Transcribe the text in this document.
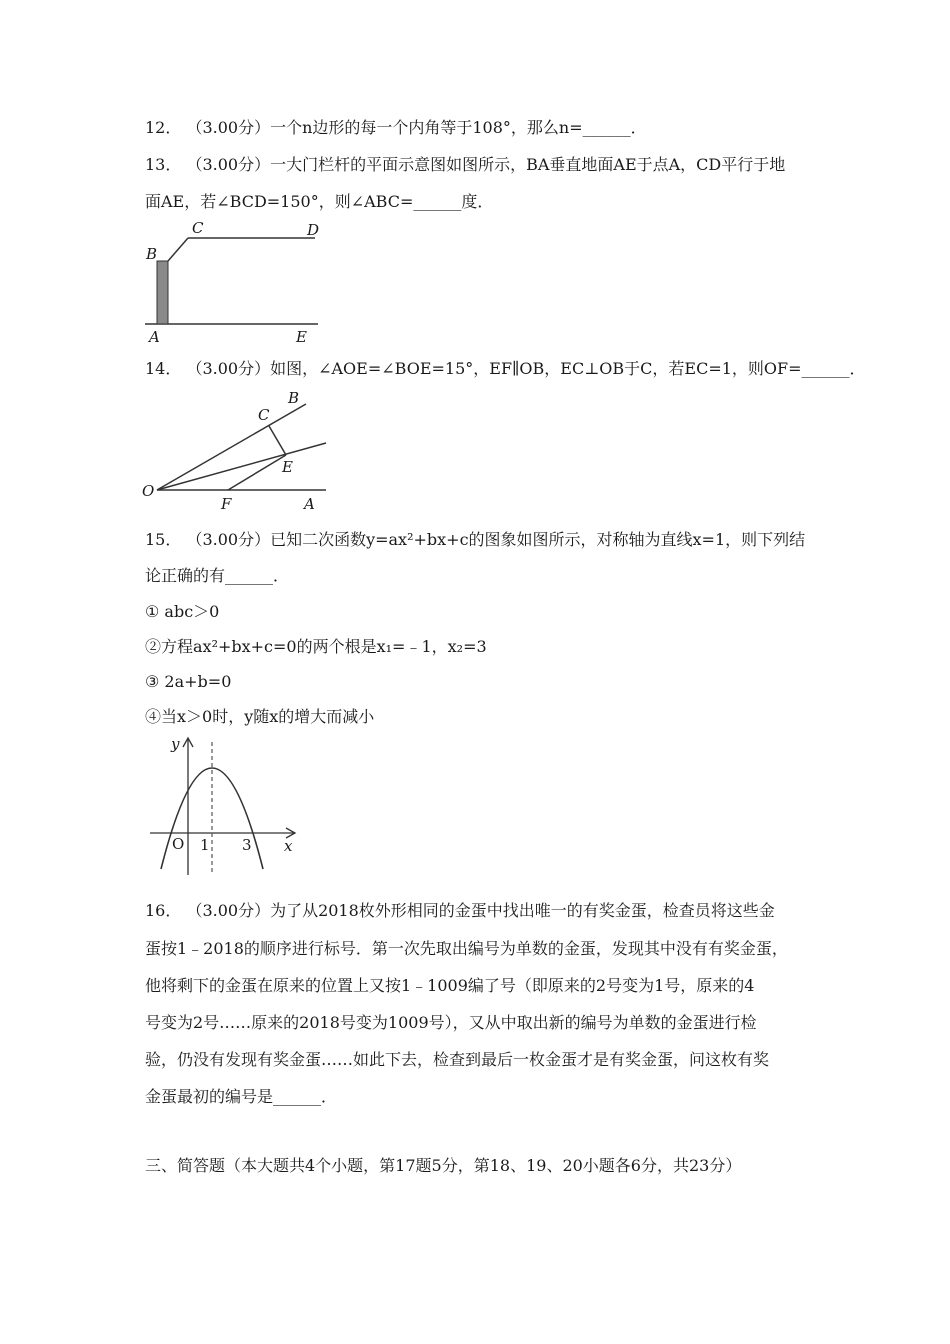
12． （3.00分）一个n边形的每一个内角等于108°，那么n=______．
13． （3.00分）一大门栏杆的平面示意图如图所示，BA垂直地面AE于点A，CD平行于地
面AE，若∠BCD=150°，则∠ABC=______度．
B
C	D
A	E
14． （3.00分）如图，∠AOE=∠BOE=15°，EF∥OB，EC⊥OB于C，若EC=1，则OF=______．
O
F	A
B
C
E
15． （3.00分）已知二次函数y=ax²+bx+c的图象如图所示，对称轴为直线x=1，则下列结
论正确的有______．
① abc＞0
②方程ax²+bx+c=0的两个根是x₁=﹣1，x₂=3
③ 2a+b=0
④当x＞0时，y随x的增大而减小
y
x
O 1 3
16． （3.00分）为了从2018枚外形相同的金蛋中找出唯一的有奖金蛋，检查员将这些金
蛋按1﹣2018的顺序进行标号．第一次先取出编号为单数的金蛋，发现其中没有有奖金蛋，
他将剩下的金蛋在原来的位置上又按1﹣1009编了号（即原来的2号变为1号，原来的4
号变为2号……原来的2018号变为1009号），又从中取出新的编号为单数的金蛋进行检
验，仍没有发现有奖金蛋……如此下去，检查到最后一枚金蛋才是有奖金蛋，问这枚有奖
金蛋最初的编号是______．
三、简答题（本大题共4个小题，第17题5分，第18、19、20小题各6分，共23分）
